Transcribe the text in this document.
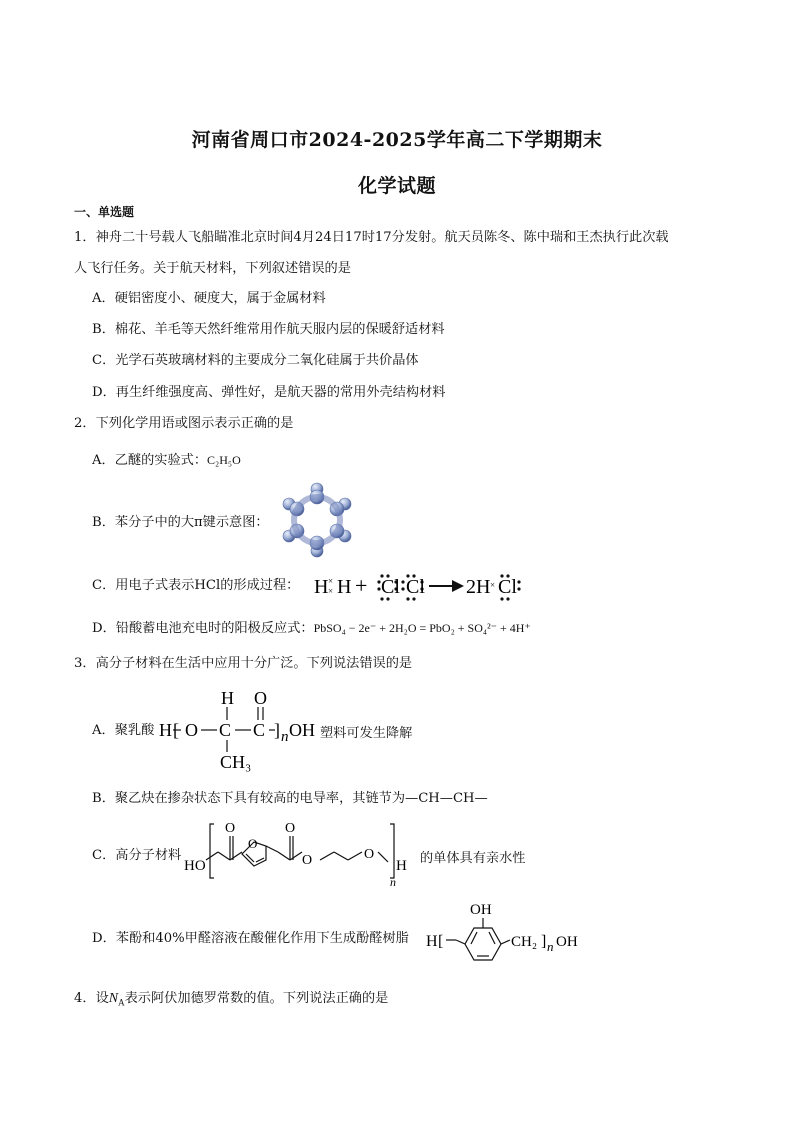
河南省周口市2024-2025学年高二下学期期末
化学试题
一、单选题
1．神舟二十号载人飞船瞄准北京时间4月24日17时17分发射。航天员陈冬、陈中瑞和王杰执行此次载
人飞行任务。关于航天材料，下列叙述错误的是
A．硬铝密度小、硬度大，属于金属材料
B．棉花、羊毛等天然纤维常用作航天服内层的保暖舒适材料
C．光学石英玻璃材料的主要成分二氧化硅属于共价晶体
D．再生纤维强度高、弹性好，是航天器的常用外壳结构材料
2．下列化学用语或图示表示正确的是
A．乙醚的实验式：C₂H₅O
B．苯分子中的大π键示意图：
C．用电子式表示HCl的形成过程： H ×
× H + Cl Cl 2H × Cl
D．铅酸蓄电池充电时的阳极反应式：PbSO₄ − 2e⁻ + 2H₂O = PbO₂ + SO₄²⁻ + 4H⁺
3．高分子材料在生活中应用十分广泛。下列说法错误的是
A．聚乳酸 H [ O C
H
CH₃
C
O
] n OH 塑料可发生降解
B．聚乙炔在掺杂状态下具有较高的电导率，其链节为—CH—CH—
C．高分子材料
HO
O
O
O
O	O
H
n
的单体具有亲水性
D．苯酚和40%甲醛溶液在酸催化作用下生成酚醛树脂 H [
OH
CH₂ ] n OH
4．设$N_A$表示阿伏加德罗常数的值。下列说法正确的是
